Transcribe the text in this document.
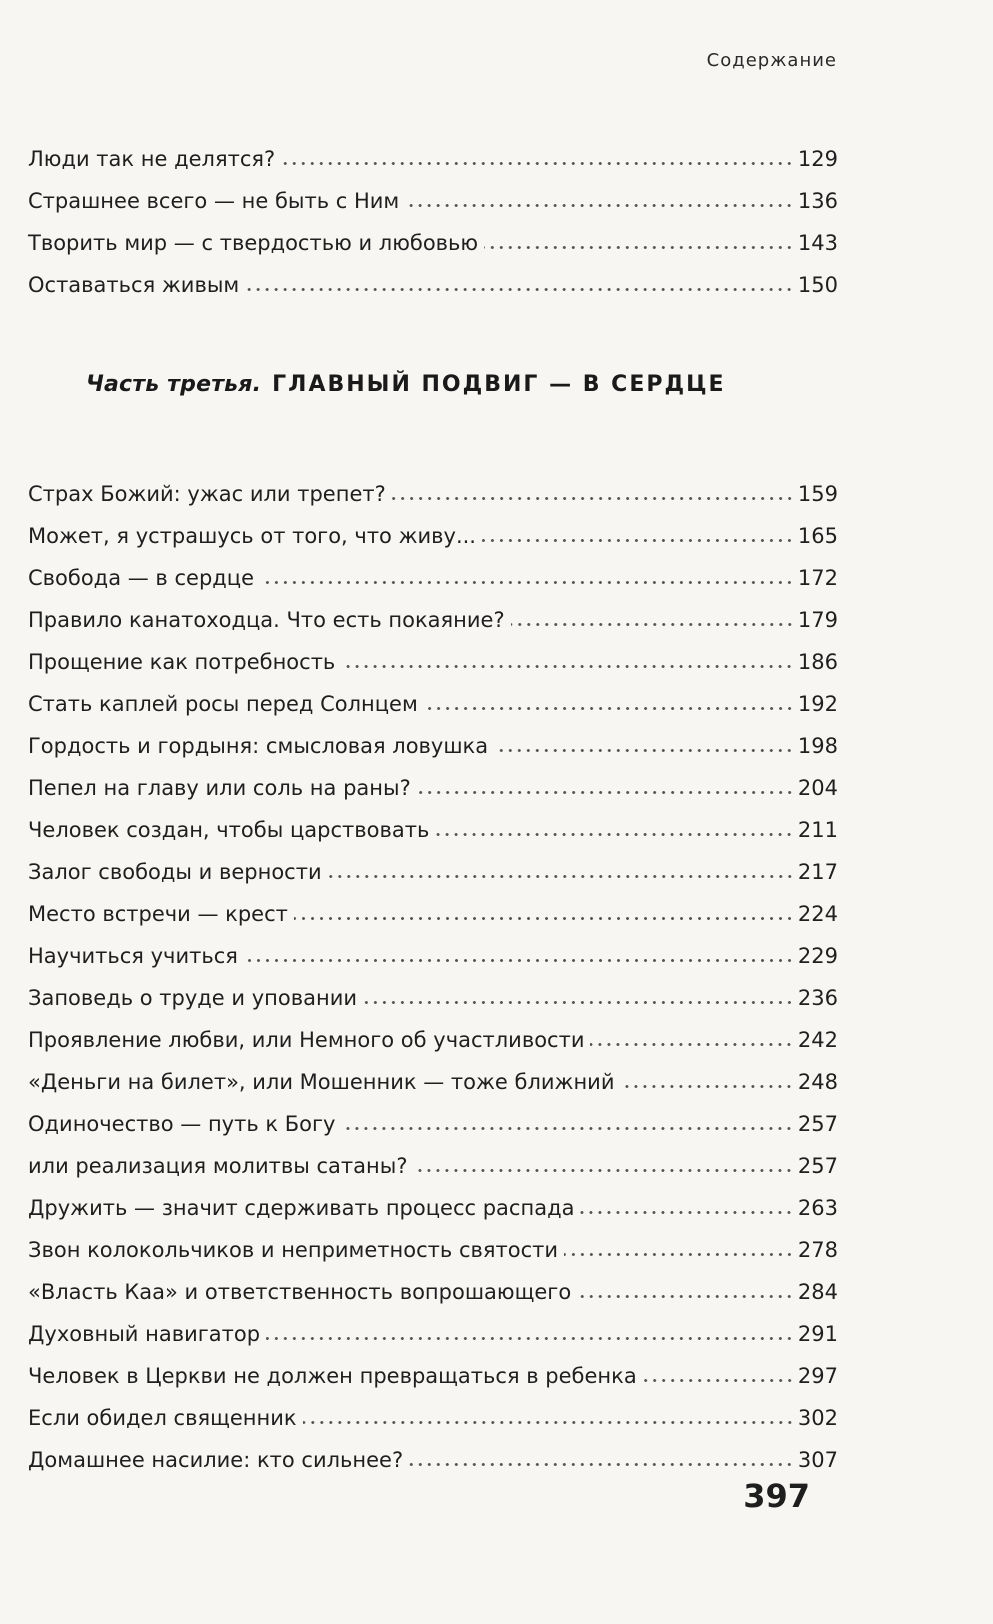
Содержание
Люди так не делятся?	129
Страшнее всего — не быть с Ним	136
Творить мир — с твердостью и любовью	143
Оставаться живым	150
Часть третья. ГЛАВНЫЙ ПОДВИГ — В СЕРДЦЕ
Страх Божий: ужас или трепет?	159
Может, я устрашусь от того, что живу...	165
Свобода — в сердце	172
Правило канатоходца. Что есть покаяние?	179
Прощение как потребность	186
Стать каплей росы перед Солнцем	192
Гордость и гордыня: смысловая ловушка	198
Пепел на главу или соль на раны?	204
Человек создан, чтобы царствовать	211
Залог свободы и верности	217
Место встречи — крест	224
Научиться учиться	229
Заповедь о труде и уповании	236
Проявление любви, или Немного об участливости	242
«Деньги на билет», или Мошенник — тоже ближний	248
Одиночество — путь к Богу	257
или реализация молитвы сатаны?	257
Дружить — значит сдерживать процесс распада	263
Звон колокольчиков и неприметность святости	278
«Власть Каа» и ответственность вопрошающего	284
Духовный навигатор	291
Человек в Церкви не должен превращаться в ребенка	297
Если обидел священник	302
Домашнее насилие: кто сильнее?	307
397
